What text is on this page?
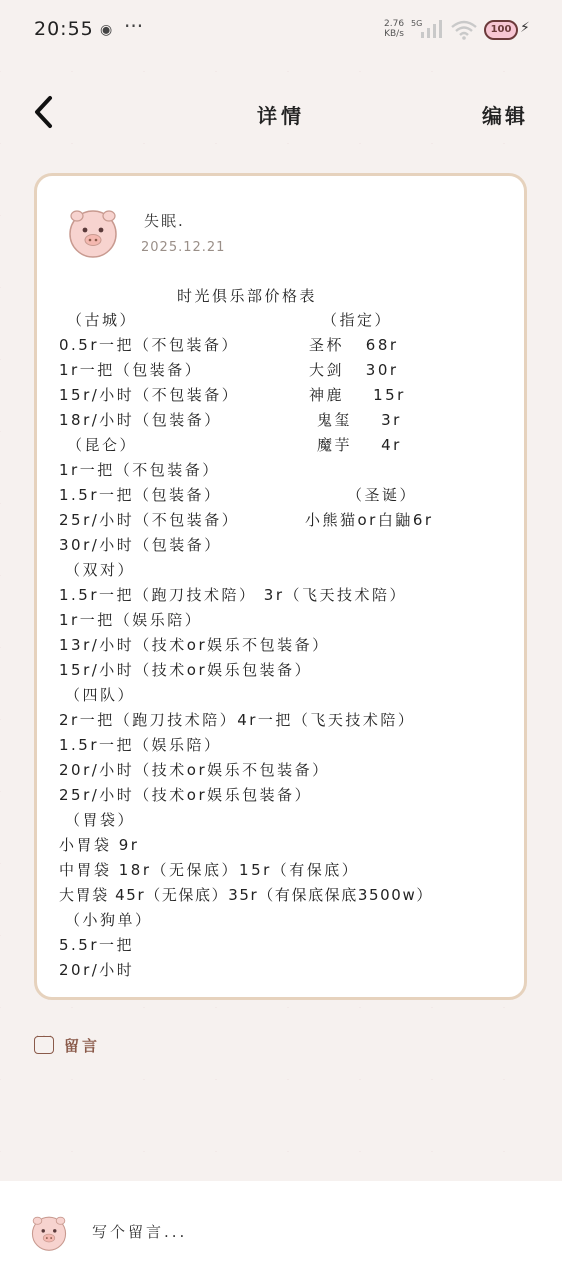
20:55 ◉ ···	2.76
KB/s
5G
100 ⚡
详情	编辑
失眠.
2025.12.21
时光俱乐部价格表
（古城）	（指定）
0.5r一把（不包装备）	圣杯   68r
1r一把（包装备）	大剑   30r
15r/小时（不包装备）	神鹿    15r
18r/小时（包装备）	鬼玺    3r
（昆仑）	魔芋    4r
1r一把（不包装备）
1.5r一把（包装备）	（圣诞）
25r/小时（不包装备）	小熊猫or白鼬6r
30r/小时（包装备）
（双对）
1.5r一把（跑刀技术陪） 3r（飞天技术陪）
1r一把（娱乐陪）
13r/小时（技术or娱乐不包装备）
15r/小时（技术or娱乐包装备）
（四队）
2r一把（跑刀技术陪）4r一把（飞天技术陪）
1.5r一把（娱乐陪）
20r/小时（技术or娱乐不包装备）
25r/小时（技术or娱乐包装备）
（胃袋）
小胃袋 9r
中胃袋 18r（无保底）15r（有保底）
大胃袋 45r（无保底）35r（有保底保底3500w）
（小狗单）
5.5r一把
20r/小时
· · ·
留言
写个留言...
